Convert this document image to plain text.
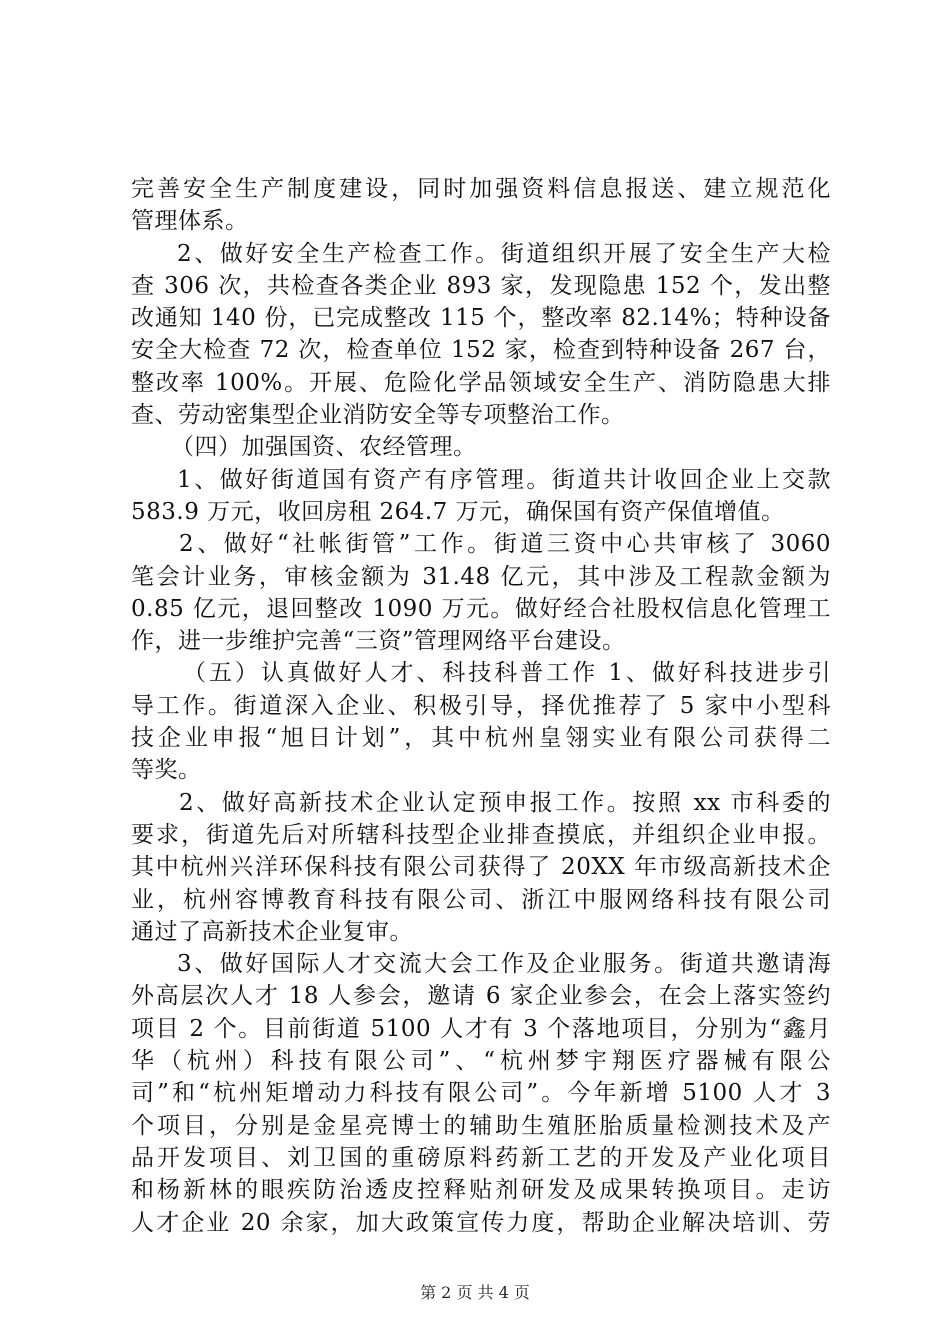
完善安全生产制度建设，同时加强资料信息报送、建立规范化
管理体系。
2、做好安全生产检查工作。街道组织开展了安全生产大检
查 306 次，共检查各类企业 893 家，发现隐患 152 个，发出整
改通知 140 份，已完成整改 115 个，整改率 82.14%；特种设备
安全大检查 72 次，检查单位 152 家，检查到特种设备 267 台，
整改率 100%。开展、危险化学品领域安全生产、消防隐患大排
查、劳动密集型企业消防安全等专项整治工作。
（四）加强国资、农经管理。
1、做好街道国有资产有序管理。街道共计收回企业上交款
583.9 万元，收回房租 264.7 万元，确保国有资产保值增值。
2、做好“社帐街管”工作。街道三资中心共审核了 3060
笔会计业务，审核金额为 31.48 亿元，其中涉及工程款金额为
0.85 亿元，退回整改 1090 万元。做好经合社股权信息化管理工
作，进一步维护完善“三资”管理网络平台建设。
（五）认真做好人才、科技科普工作 1、做好科技进步引
导工作。街道深入企业、积极引导，择优推荐了 5 家中小型科
技企业申报“旭日计划”，其中杭州皇翎实业有限公司获得二
等奖。
2、做好高新技术企业认定预申报工作。按照 xx 市科委的
要求，街道先后对所辖科技型企业排查摸底，并组织企业申报。
其中杭州兴洋环保科技有限公司获得了 20XX 年市级高新技术企
业，杭州容博教育科技有限公司、浙江中服网络科技有限公司
通过了高新技术企业复审。
3、做好国际人才交流大会工作及企业服务。街道共邀请海
外高层次人才 18 人参会，邀请 6 家企业参会，在会上落实签约
项目 2 个。目前街道 5100 人才有 3 个落地项目，分别为“鑫月
华（杭州）科技有限公司”、“杭州梦宇翔医疗器械有限公
司”和“杭州矩增动力科技有限公司”。今年新增 5100 人才 3
个项目，分别是金星亮博士的辅助生殖胚胎质量检测技术及产
品开发项目、刘卫国的重磅原料药新工艺的开发及产业化项目
和杨新林的眼疾防治透皮控释贴剂研发及成果转换项目。走访
人才企业 20 余家，加大政策宣传力度，帮助企业解决培训、劳
第 2 页 共 4 页
